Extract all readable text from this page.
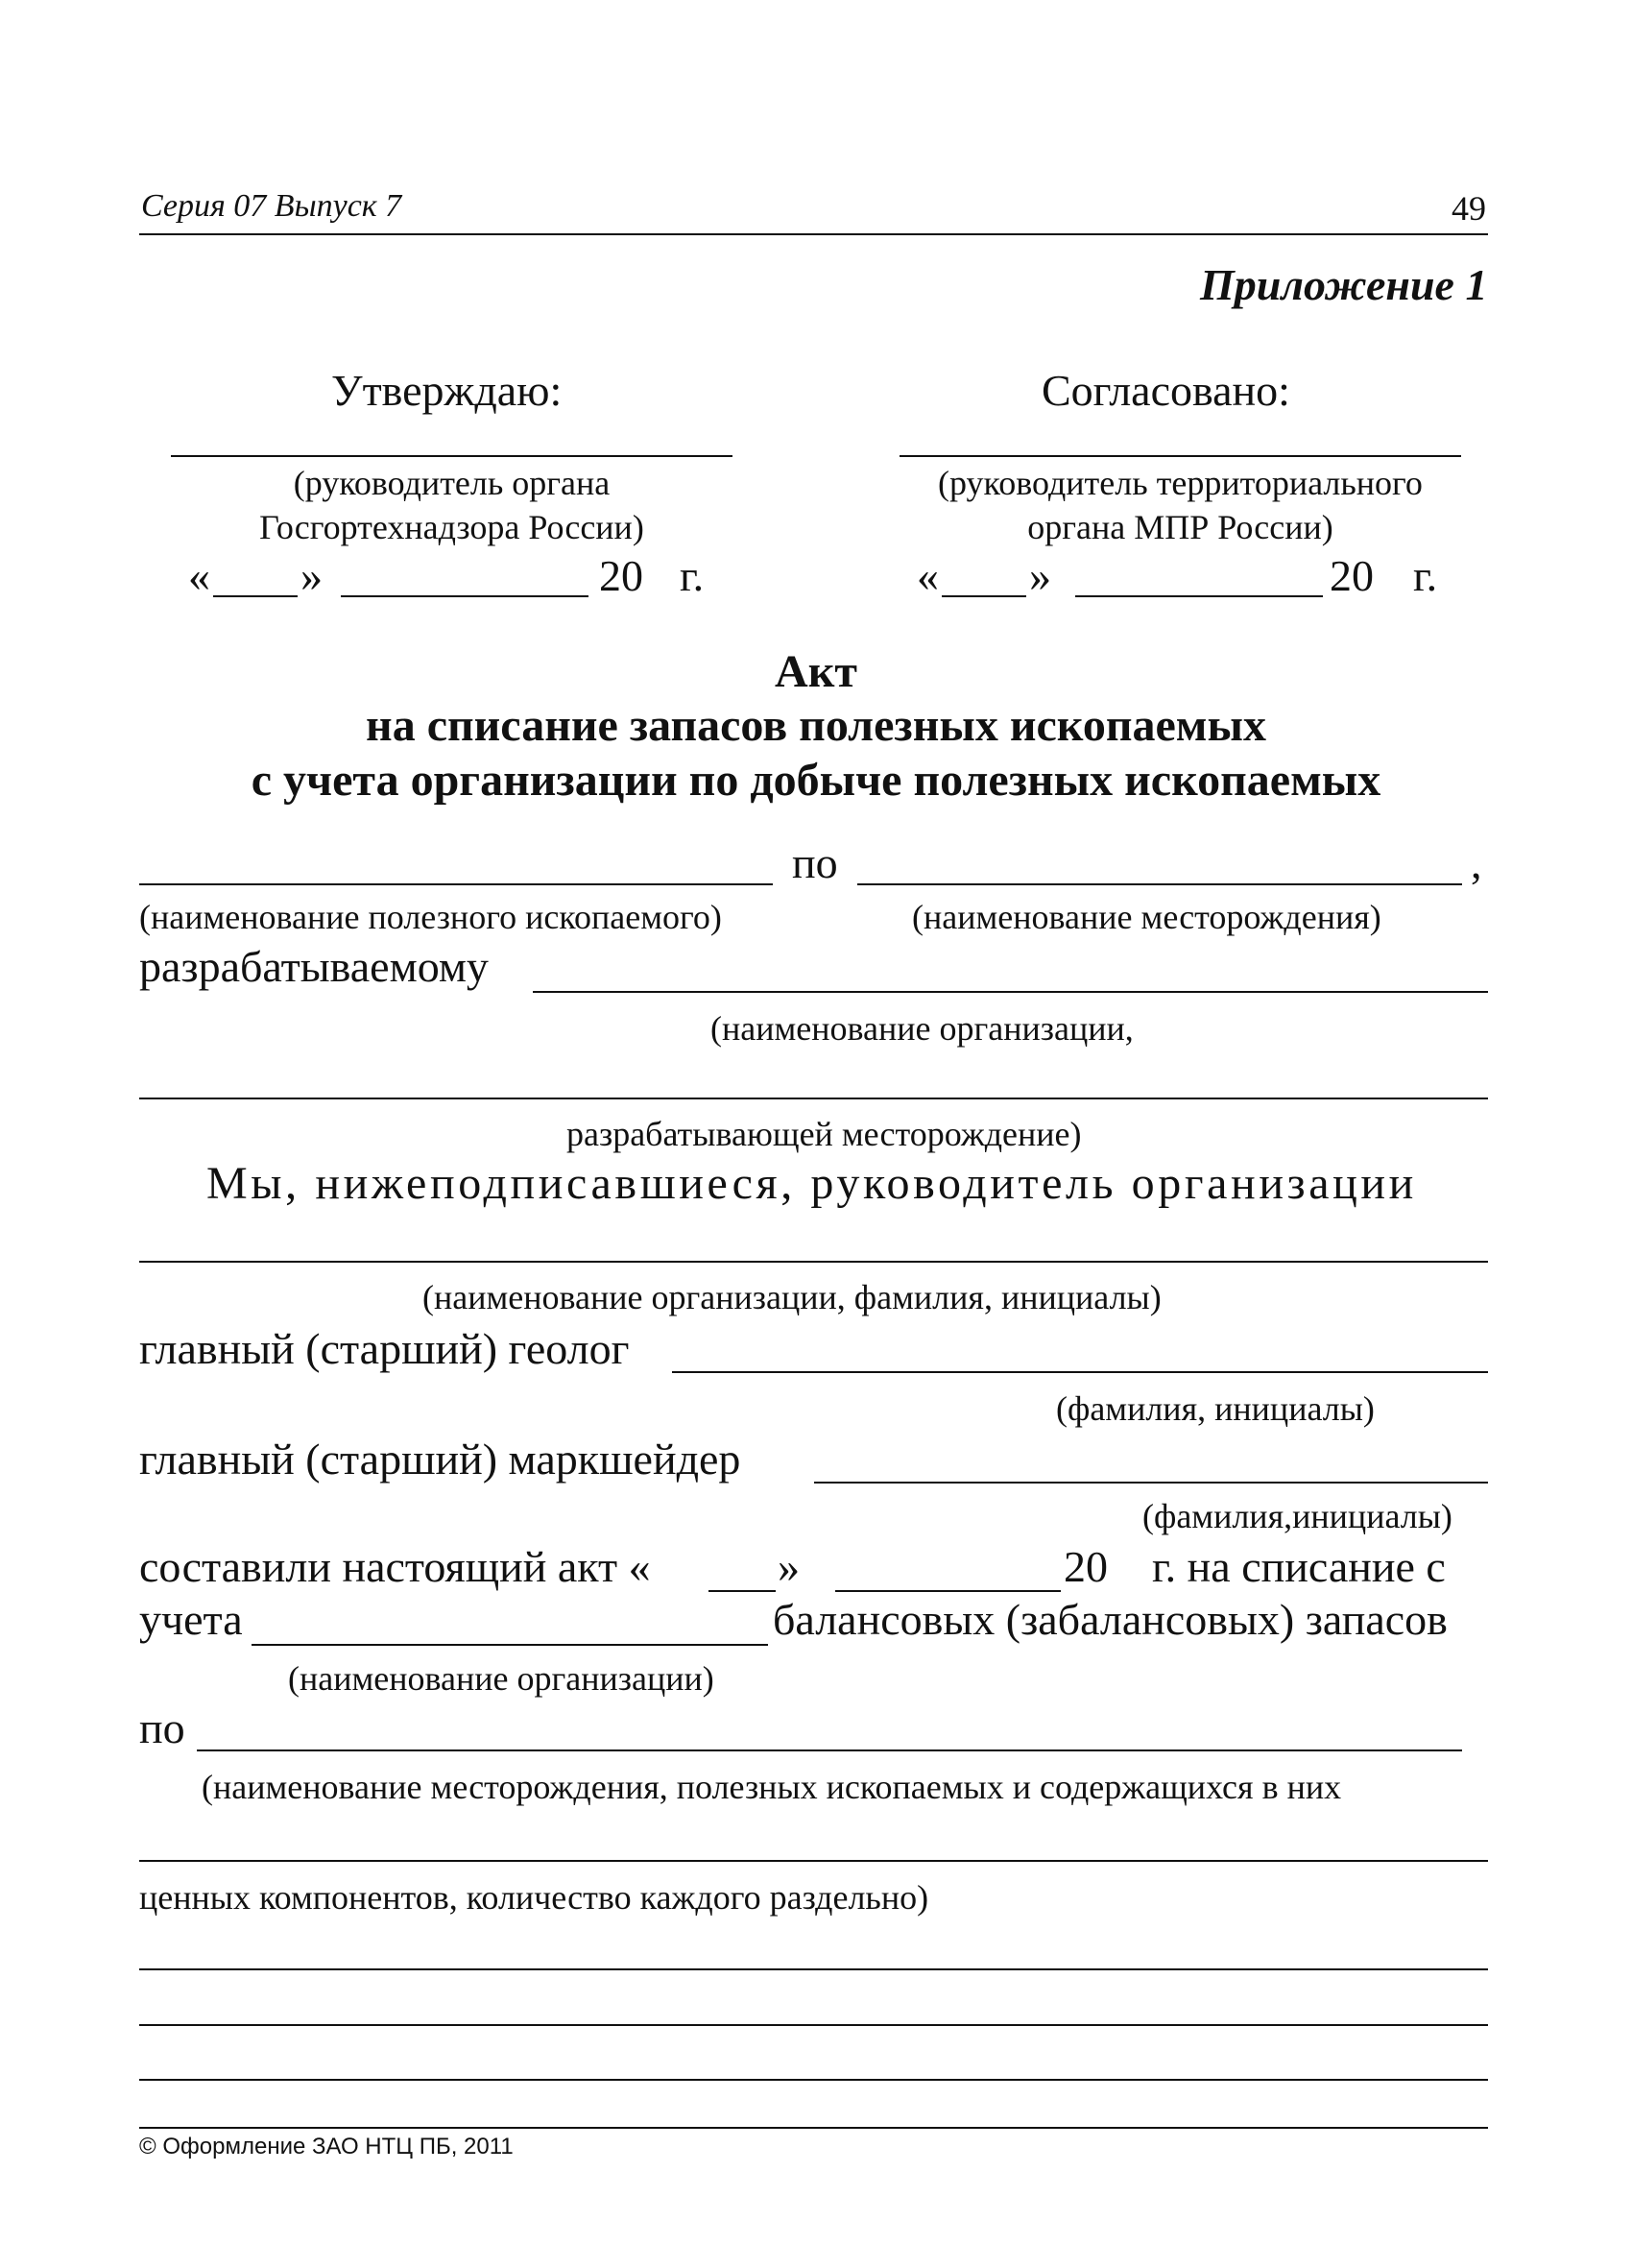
Серия 07 Выпуск 7	49
Приложение 1
Утверждаю:
(руководитель органа
Госгортехнадзора России)
« »	20 г.
Согласовано:
(руководитель территориального
органа МПР России)
« »	20 г.
Акт
на списание запасов полезных ископаемых
с учета организации по добыче полезных ископаемых
по	,
(наименование полезного ископаемого)	(наименование месторождения)
разрабатываемому
(наименование организации,
разрабатывающей месторождение)
Мы, нижеподписавшиеся, руководитель организации
(наименование организации, фамилия, инициалы)
главный (старший) геолог
(фамилия, инициалы)
главный (старший) маркшейдер
(фамилия,инициалы)
составили настоящий акт «	»	20 г. на списание с
учета	балансовых (забалансовых) запасов
(наименование организации)
по
(наименование месторождения, полезных ископаемых и содержащихся в них
ценных компонентов, количество каждого раздельно)
© Оформление ЗАО НТЦ ПБ, 2011
